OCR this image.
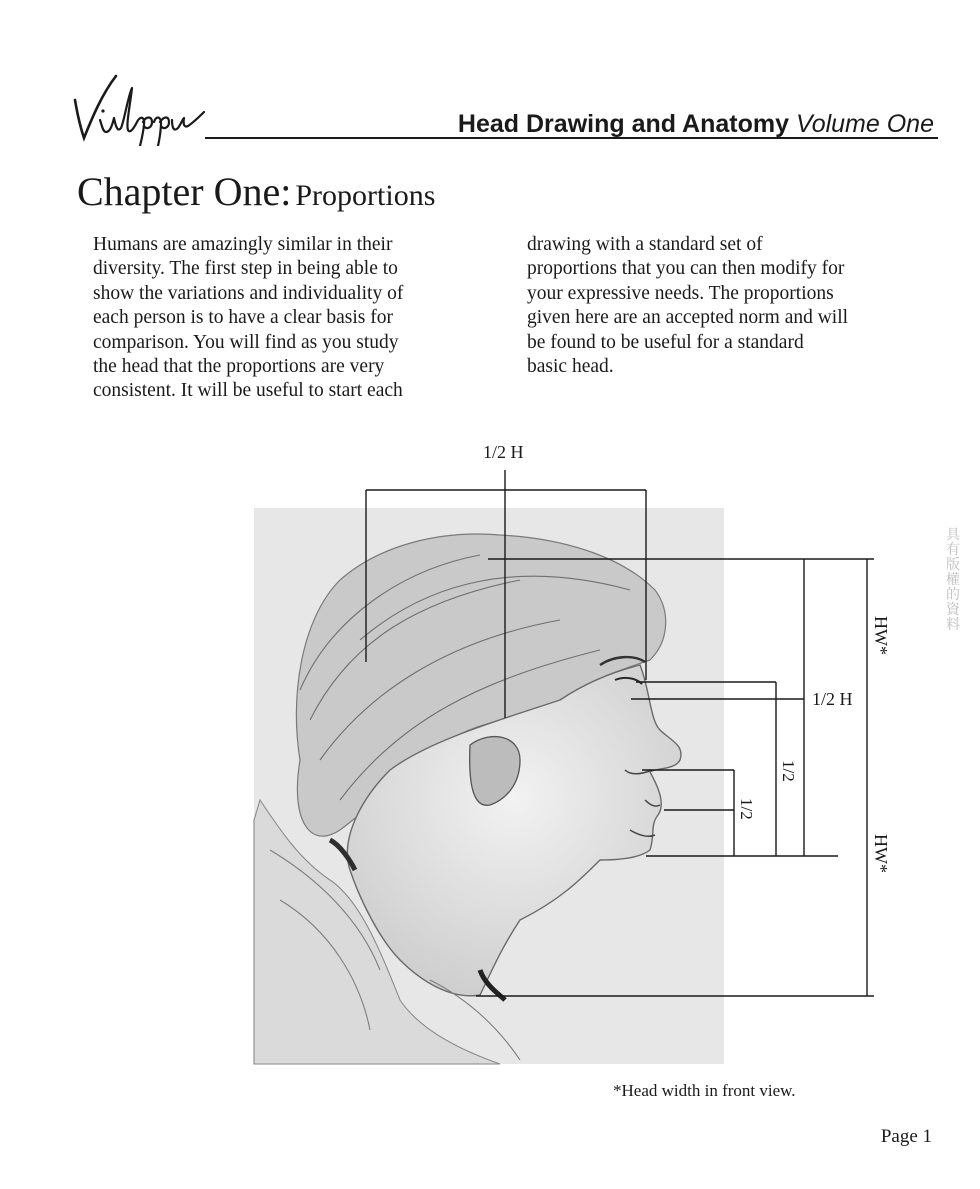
Head Drawing and Anatomy Volume One
Chapter One: Proportions
Humans are amazingly similar in their
diversity. The first step in being able to
show the variations and individuality of
each person is to have a clear basis for
comparison. You will find as you study
the head that the proportions are very
consistent. It will be useful to start each
drawing with a standard set of
proportions that you can then modify for
your expressive needs. The proportions
given here are an accepted norm and will
be found to be useful for a standard
basic head.
1/2 H
1/2 H
1/2
1/2
HW*
HW*
具有版權的資料
*Head width in front view.
Page 1
